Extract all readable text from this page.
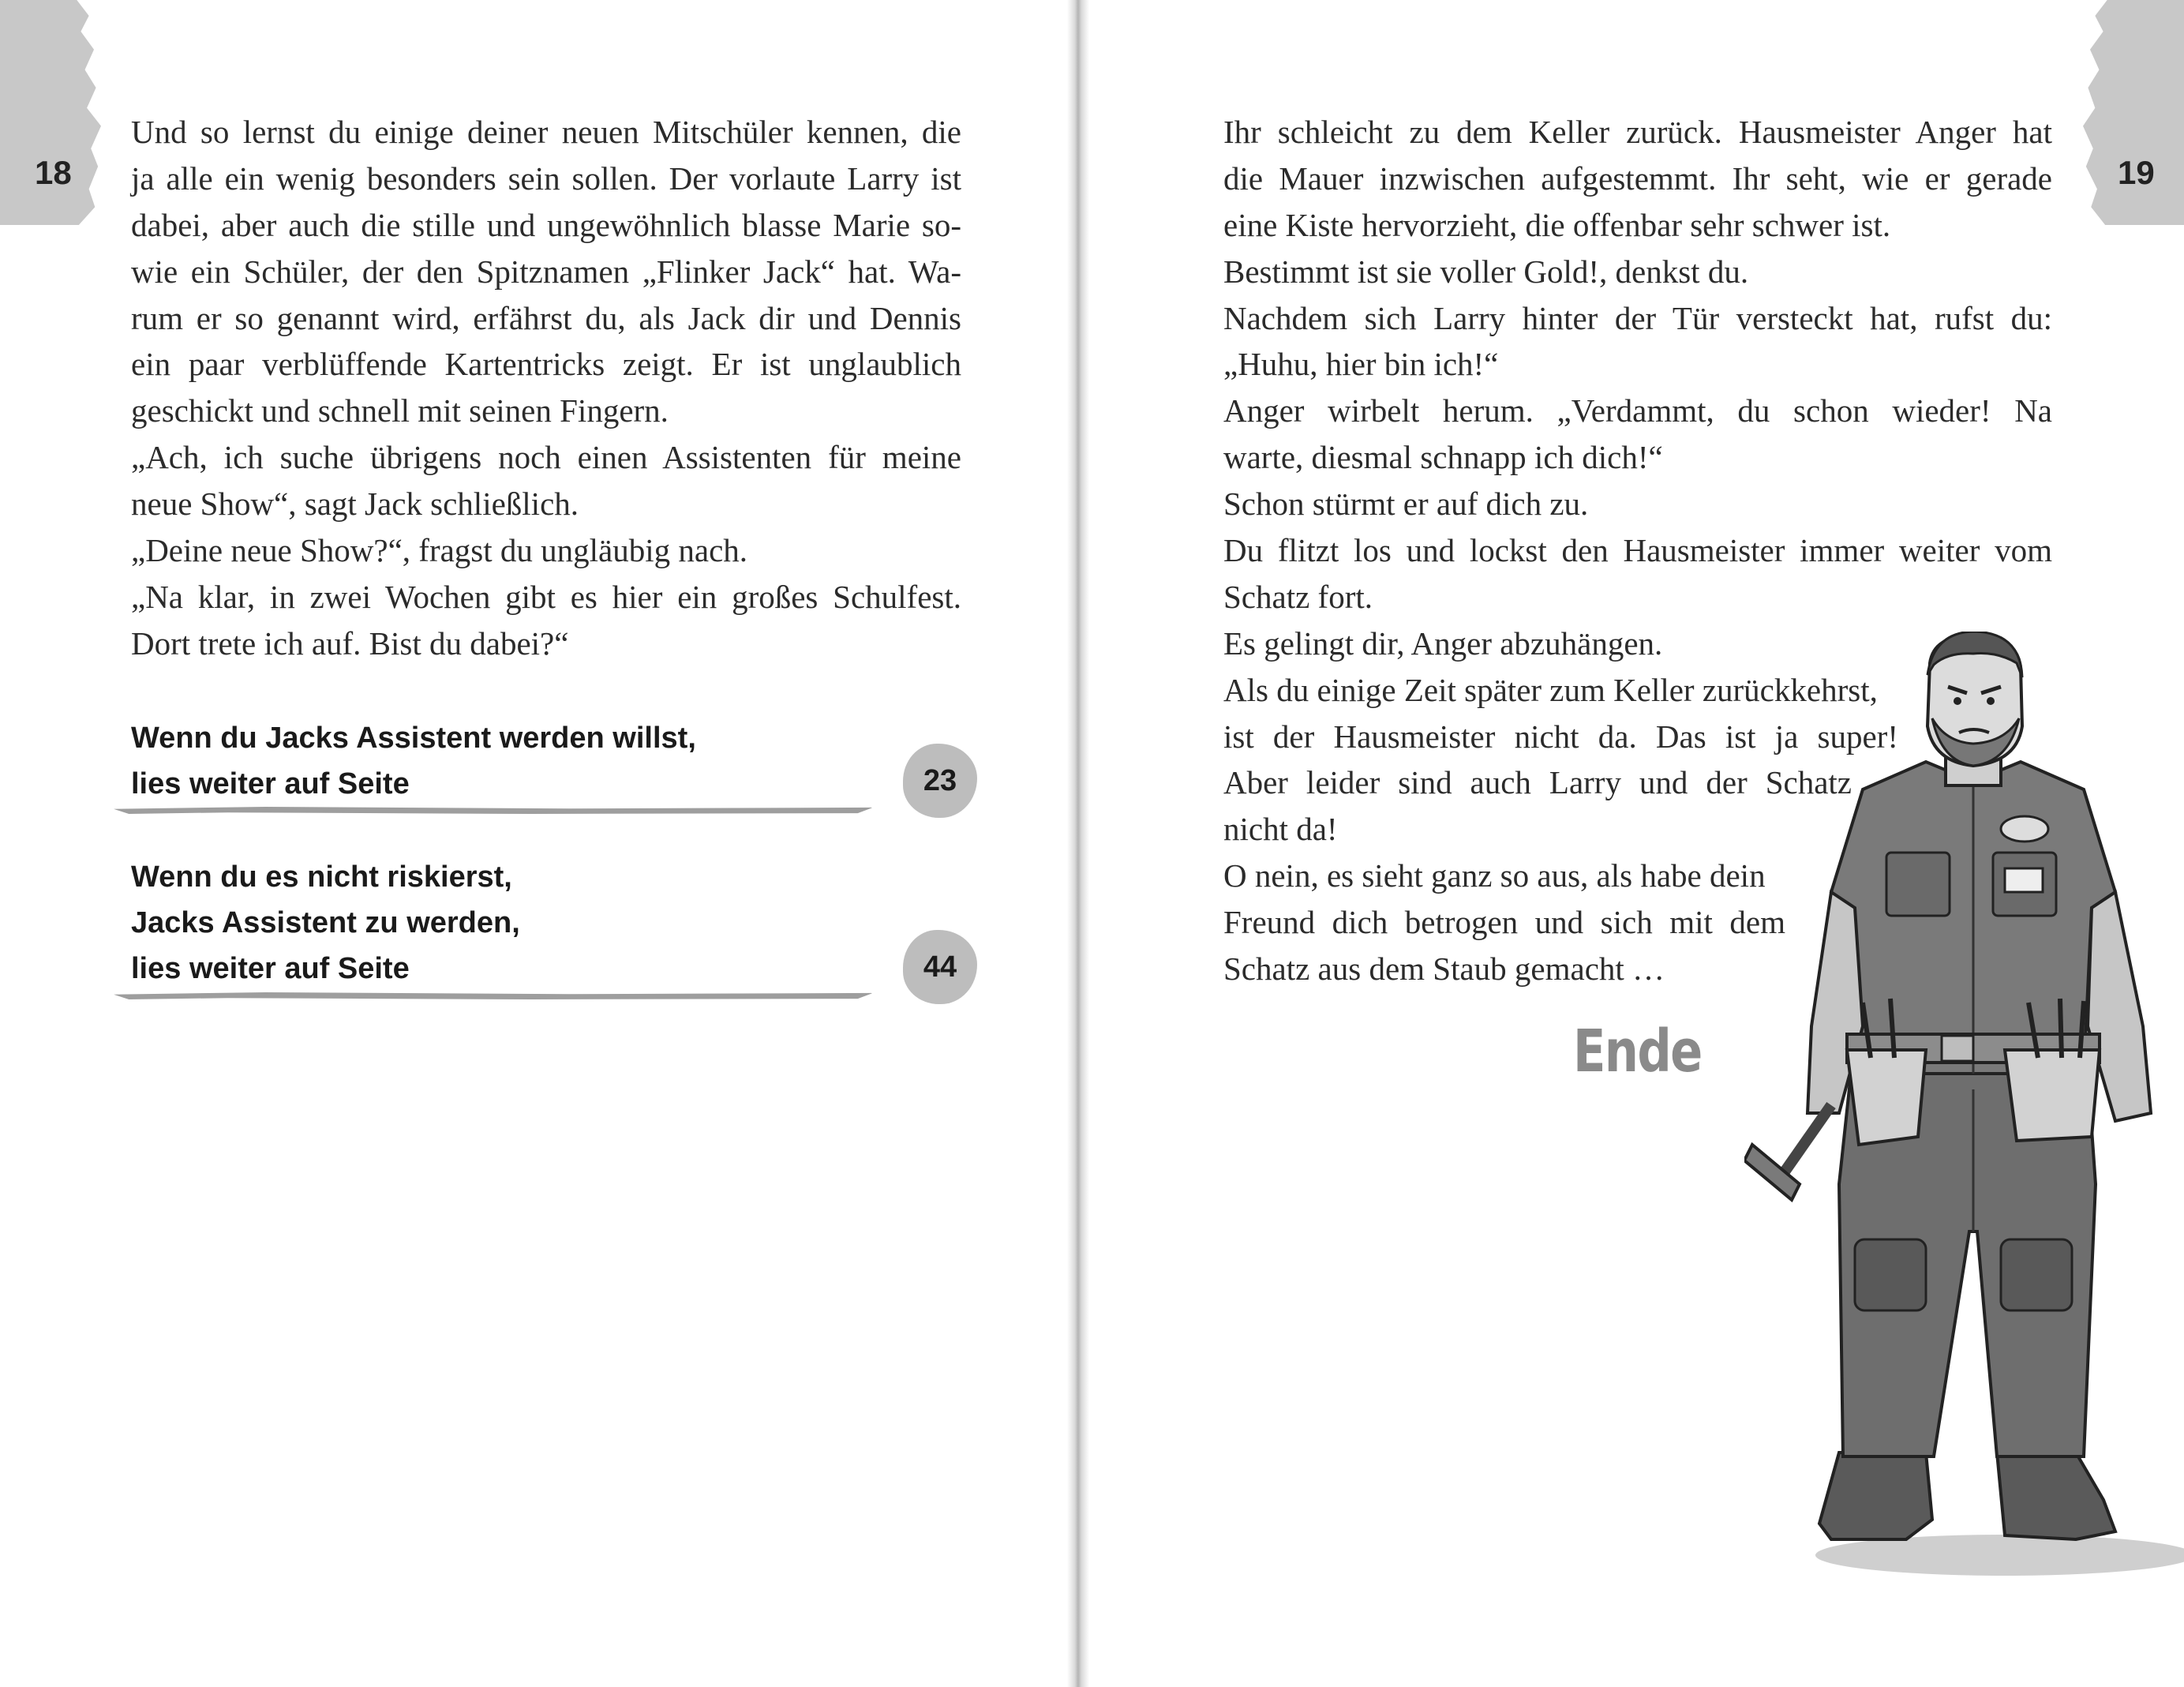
18
Und so lernst du einige deiner neuen Mitschüler kennen, die
ja alle ein wenig besonders sein sollen. Der vorlaute Larry ist
dabei, aber auch die stille und ungewöhnlich blasse Marie so-
wie ein Schüler, der den Spitznamen „Flinker Jack“ hat. Wa-
rum er so genannt wird, erfährst du, als Jack dir und Dennis
ein paar verblüffende Kartentricks zeigt. Er ist unglaublich
geschickt und schnell mit seinen Fingern.
„Ach, ich suche übrigens noch einen Assistenten für meine
neue Show“, sagt Jack schließlich.
„Deine neue Show?“, fragst du ungläubig nach.
„Na klar, in zwei Wochen gibt es hier ein großes Schulfest.
Dort trete ich auf. Bist du dabei?“
Wenn du Jacks Assistent werden willst,
lies weiter auf Seite	23
Wenn du es nicht riskierst,
Jacks Assistent zu werden,
lies weiter auf Seite	44
19
Ihr schleicht zu dem Keller zurück. Hausmeister Anger hat
die Mauer inzwischen aufgestemmt. Ihr seht, wie er gerade
eine Kiste hervorzieht, die offenbar sehr schwer ist.
Bestimmt ist sie voller Gold!, denkst du.
Nachdem sich Larry hinter der Tür versteckt hat, rufst du:
„Huhu, hier bin ich!“
Anger wirbelt herum. „Verdammt, du schon wieder! Na
warte, diesmal schnapp ich dich!“
Schon stürmt er auf dich zu.
Du flitzt los und lockst den Hausmeister immer weiter vom
Schatz fort.
Es gelingt dir, Anger abzuhängen.
Als du einige Zeit später zum Keller zurückkehrst,
ist der Hausmeister nicht da. Das ist ja super!
Aber leider sind auch Larry und der Schatz
nicht da!
O nein, es sieht ganz so aus, als habe dein
Freund dich betrogen und sich mit dem
Schatz aus dem Staub gemacht …
Ende
